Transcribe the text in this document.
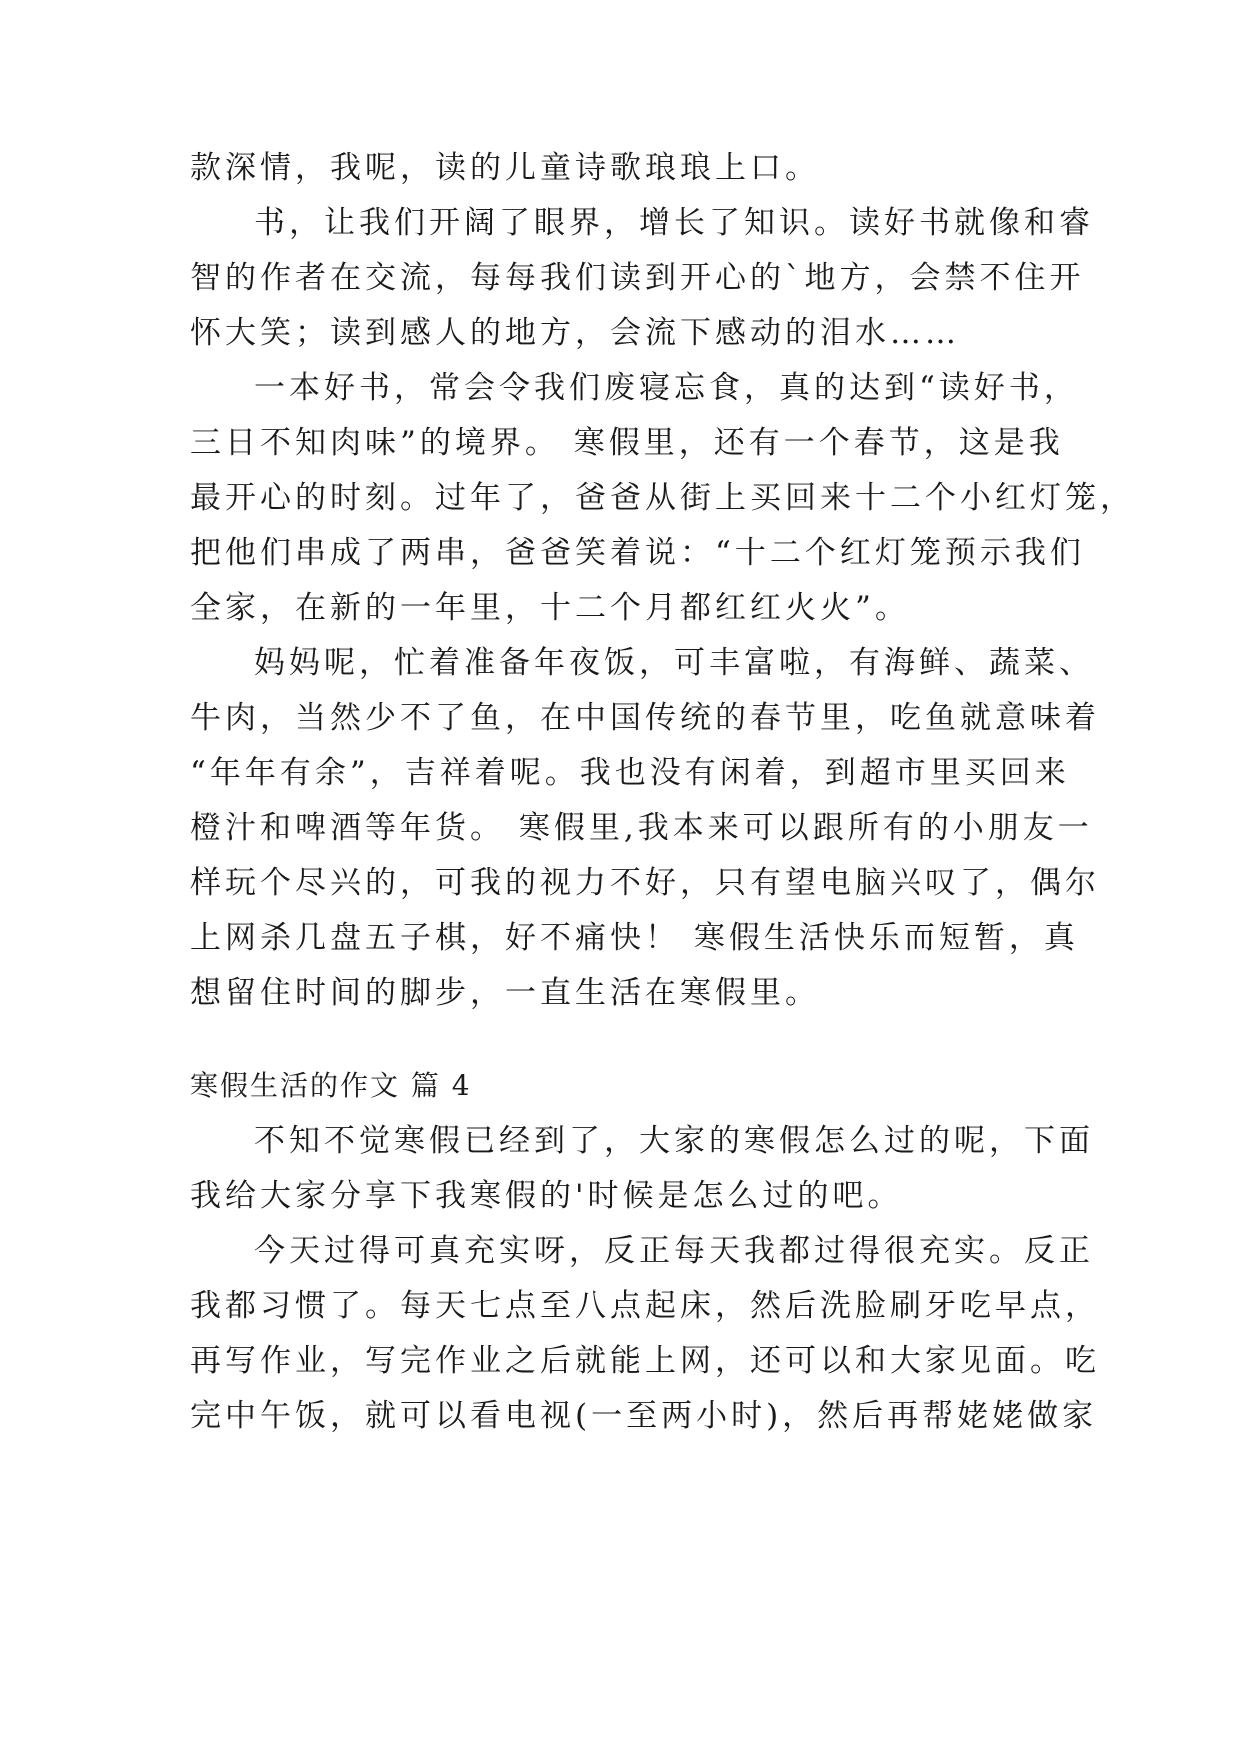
款深情，我呢，读的儿童诗歌琅琅上口。
书，让我们开阔了眼界，增长了知识。读好书就像和睿
智的作者在交流，每每我们读到开心的`地方，会禁不住开
怀大笑；读到感人的地方，会流下感动的泪水……
一本好书，常会令我们废寝忘食，真的达到“读好书，
三日不知肉味”的境界。 寒假里，还有一个春节，这是我
最开心的时刻。过年了，爸爸从街上买回来十二个小红灯笼，
把他们串成了两串，爸爸笑着说：“十二个红灯笼预示我们
全家，在新的一年里，十二个月都红红火火”。
妈妈呢，忙着准备年夜饭，可丰富啦，有海鲜、蔬菜、
牛肉，当然少不了鱼，在中国传统的春节里，吃鱼就意味着
“年年有余”，吉祥着呢。我也没有闲着，到超市里买回来
橙汁和啤酒等年货。 寒假里,我本来可以跟所有的小朋友一
样玩个尽兴的，可我的视力不好，只有望电脑兴叹了，偶尔
上网杀几盘五子棋，好不痛快！ 寒假生活快乐而短暂，真
想留住时间的脚步，一直生活在寒假里。
寒假生活的作文 篇 4
不知不觉寒假已经到了，大家的寒假怎么过的呢，下面
我给大家分享下我寒假的'时候是怎么过的吧。
今天过得可真充实呀，反正每天我都过得很充实。反正
我都习惯了。每天七点至八点起床，然后洗脸刷牙吃早点，
再写作业，写完作业之后就能上网，还可以和大家见面。吃
完中午饭，就可以看电视(一至两小时)，然后再帮姥姥做家
